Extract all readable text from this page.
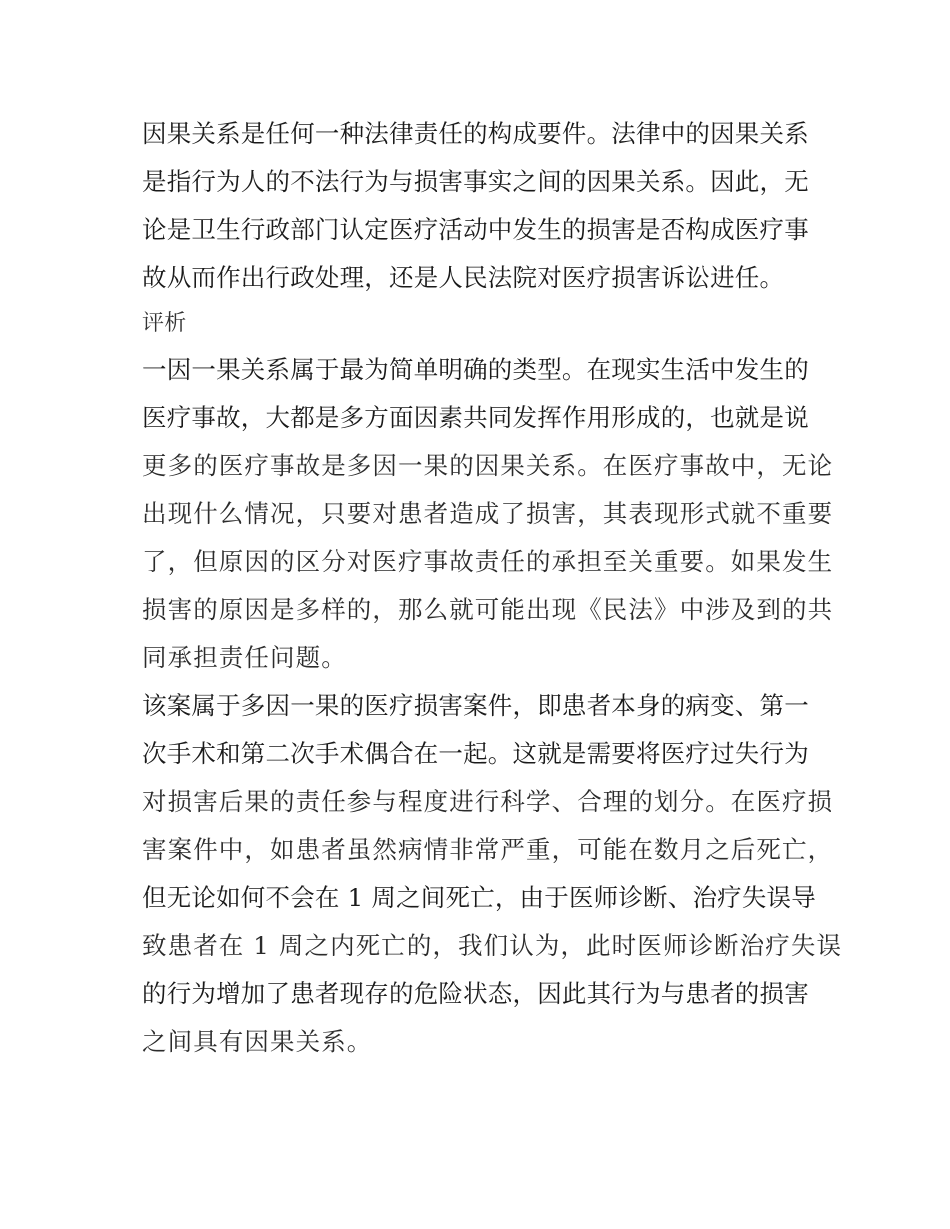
因果关系是任何一种法律责任的构成要件。法律中的因果关系
是指行为人的不法行为与损害事实之间的因果关系。因此，无
论是卫生行政部门认定医疗活动中发生的损害是否构成医疗事
故从而作出行政处理，还是人民法院对医疗损害诉讼进任。
评析
一因一果关系属于最为简单明确的类型。在现实生活中发生的
医疗事故，大都是多方面因素共同发挥作用形成的，也就是说
更多的医疗事故是多因一果的因果关系。在医疗事故中，无论
出现什么情况，只要对患者造成了损害，其表现形式就不重要
了，但原因的区分对医疗事故责任的承担至关重要。如果发生
损害的原因是多样的，那么就可能出现《民法》中涉及到的共
同承担责任问题。
该案属于多因一果的医疗损害案件，即患者本身的病变、第一
次手术和第二次手术偶合在一起。这就是需要将医疗过失行为
对损害后果的责任参与程度进行科学、合理的划分。在医疗损
害案件中，如患者虽然病情非常严重，可能在数月之后死亡，
但无论如何不会在 1 周之间死亡，由于医师诊断、治疗失误导
致患者在 1 周之内死亡的，我们认为，此时医师诊断治疗失误
的行为增加了患者现存的危险状态，因此其行为与患者的损害
之间具有因果关系。
